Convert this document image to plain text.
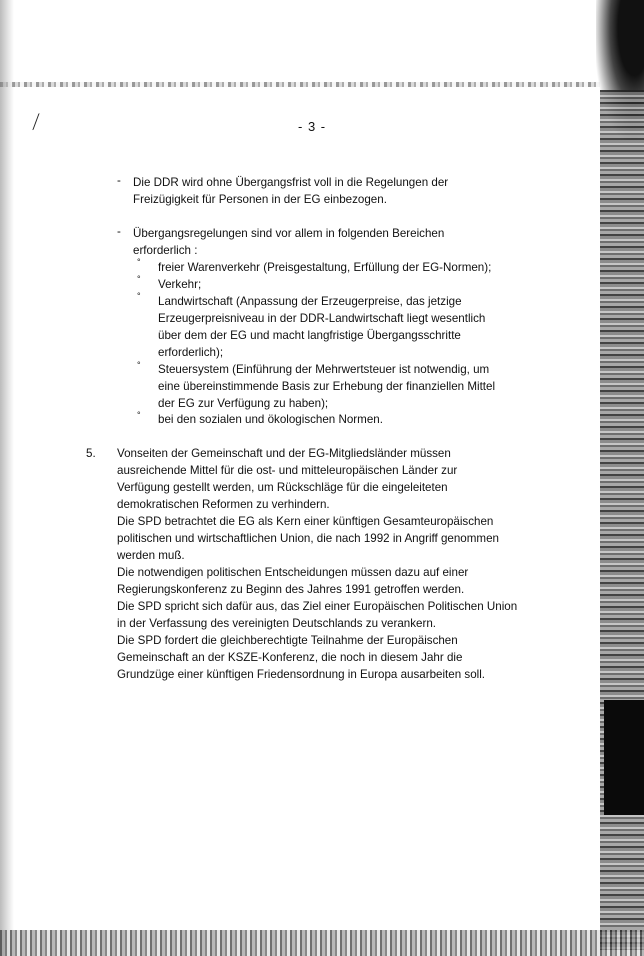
⟋	- 3 -
- Die DDR wird ohne Übergangsfrist voll in die Regelungen der
Freizügigkeit für Personen in der EG einbezogen.
- Übergangsregelungen sind vor allem in folgenden Bereichen
erforderlich :
° freier Warenverkehr (Preisgestaltung, Erfüllung der EG-Normen);
° Verkehr;
° Landwirtschaft (Anpassung der Erzeugerpreise, das jetzige
Erzeugerpreisniveau in der DDR-Landwirtschaft liegt wesentlich
über dem der EG und macht langfristige Übergangsschritte
erforderlich);
° Steuersystem (Einführung der Mehrwertsteuer ist notwendig, um
eine übereinstimmende Basis zur Erhebung der finanziellen Mittel
der EG zur Verfügung zu haben);
° bei den sozialen und ökologischen Normen.
5. Vonseiten der Gemeinschaft und der EG-Mitgliedsländer müssen
ausreichende Mittel für die ost- und mitteleuropäischen Länder zur
Verfügung gestellt werden, um Rückschläge für die eingeleiteten
demokratischen Reformen zu verhindern.
Die SPD betrachtet die EG als Kern einer künftigen Gesamteuropäischen
politischen und wirtschaftlichen Union, die nach 1992 in Angriff genommen
werden muß.
Die notwendigen politischen Entscheidungen müssen dazu auf einer
Regierungskonferenz zu Beginn des Jahres 1991 getroffen werden.
Die SPD spricht sich dafür aus, das Ziel einer Europäischen Politischen Union
in der Verfassung des vereinigten Deutschlands zu verankern.
Die SPD fordert die gleichberechtigte Teilnahme der Europäischen
Gemeinschaft an der KSZE-Konferenz, die noch in diesem Jahr die
Grundzüge einer künftigen Friedensordnung in Europa ausarbeiten soll.
